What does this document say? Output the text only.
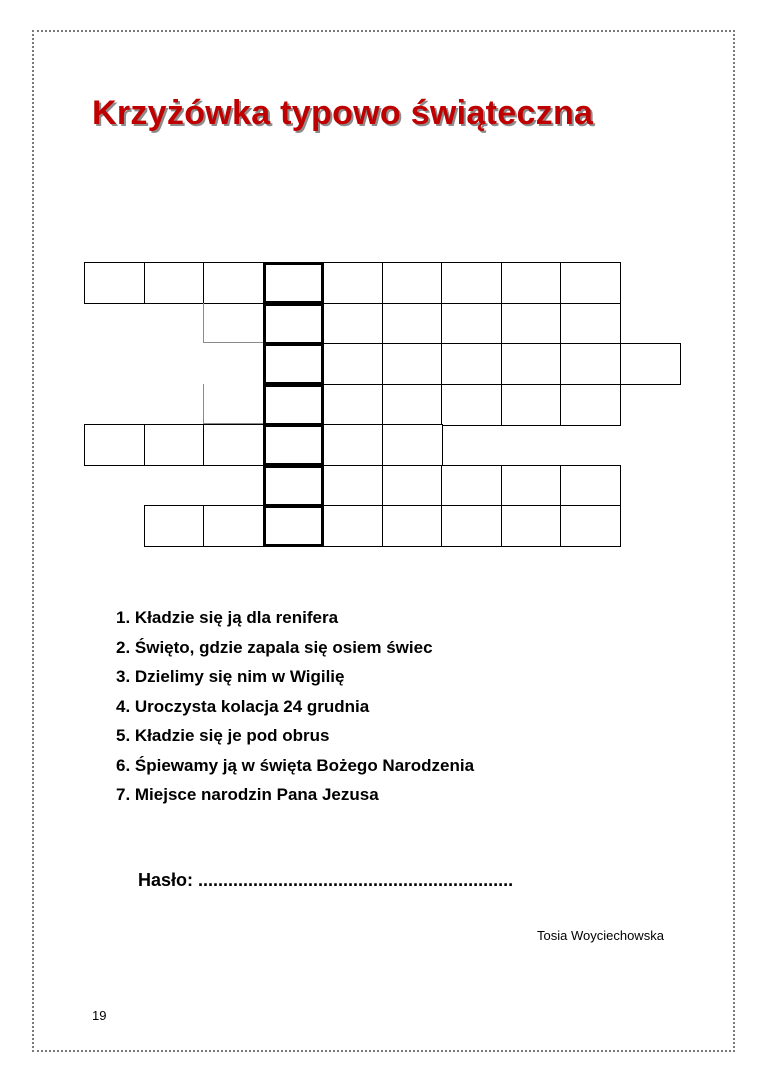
Krzyżówka typowo świąteczna
1. Kładzie się ją dla renifera
2. Święto, gdzie zapala się osiem świec
3. Dzielimy się nim w Wigilię
4. Uroczysta kolacja 24 grudnia
5. Kładzie się je pod obrus
6. Śpiewamy ją w święta Bożego Narodzenia
7. Miejsce narodzin Pana Jezusa
Hasło: ...............................................................
Tosia Woyciechowska
19
